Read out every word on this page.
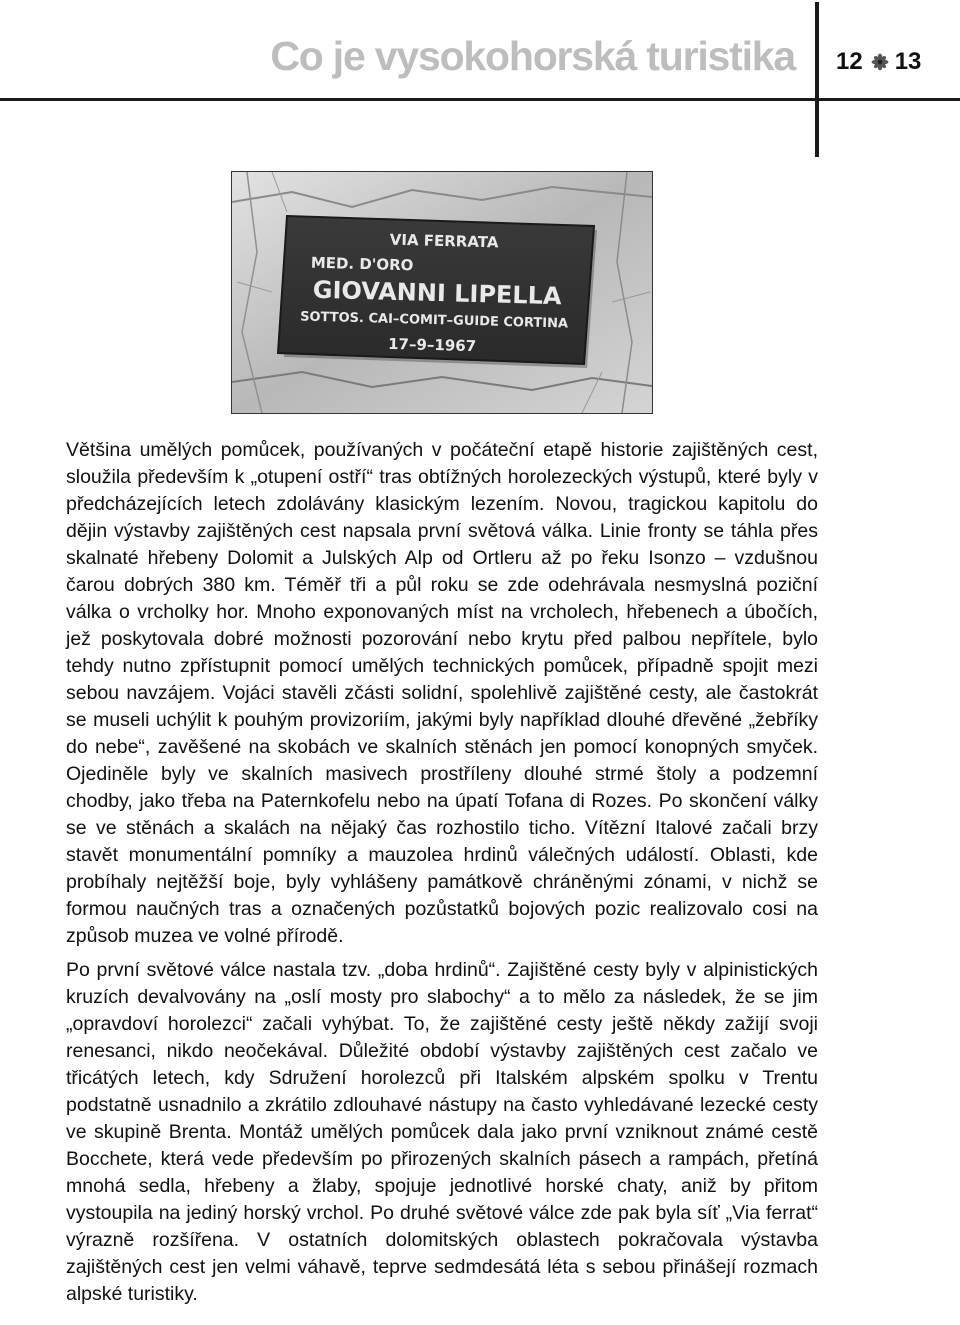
Co je vysokohorská turistika 12 13
VIA FERRATA
MED. D'ORO
GIOVANNI LIPELLA
SOTTOS. CAI–COMIT–GUIDE CORTINA
17–9–1967

Většina umělých pomůcek, používaných v počáteční etapě historie zajištěných cest, sloužila především k „otupení ostří“ tras obtížných horolezeckých výstupů, které byly v předcházejících letech zdolávány klasickým lezením. Novou, tragickou kapitolu do dějin výstavby zajištěných cest napsala první světová válka. Linie fronty se táhla přes skalnaté hřebeny Dolomit a Julských Alp od Ortleru až po řeku Isonzo – vzdušnou čarou dobrých 380 km. Téměř tři a půl roku se zde odehrávala nesmyslná poziční válka o vrcholky hor. Mnoho exponovaných míst na vrcholech, hřebenech a úbočích, jež poskytovala dobré možnosti pozorování nebo krytu před palbou nepřítele, bylo tehdy nutno zpřístupnit pomocí umělých technických pomůcek, případně spojit mezi sebou navzájem. Vojáci stavěli zčásti solidní, spolehlivě zajištěné cesty, ale častokrát se museli uchýlit k pouhým provizoriím, jakými byly například dlouhé dřevěné „žebříky do nebe“, zavěšené na skobách ve skalních stěnách jen pomocí konopných smyček. Ojediněle byly ve skalních masivech prostříleny dlouhé strmé štoly a podzemní chodby, jako třeba na Paternkofelu nebo na úpatí Tofana di Rozes. Po skončení války se ve stěnách a skalách na nějaký čas rozhostilo ticho. Vítězní Italové začali brzy stavět monumentální pomníky a mauzolea hrdinů válečných událostí. Oblasti, kde probíhaly nejtěžší boje, byly vyhlášeny památkově chráněnými zónami, v nichž se formou naučných tras a označených pozůstatků bojových pozic realizovalo cosi na způsob muzea ve volné přírodě.

Po první světové válce nastala tzv. „doba hrdinů“. Zajištěné cesty byly v alpinistických kruzích devalvovány na „oslí mosty pro slabochy“ a to mělo za následek, že se jim „opravdoví horolezci“ začali vyhýbat. To, že zajištěné cesty ještě někdy zažijí svoji renesanci, nikdo neočekával. Důležité období výstavby zajištěných cest začalo ve třicátých letech, kdy Sdružení horolezců při Italském alpském spolku v Trentu podstatně usnadnilo a zkrátilo zdlouhavé nástupy na často vyhledávané lezecké cesty ve skupině Brenta. Montáž umělých pomůcek dala jako první vzniknout známé cestě Bocchete, která vede především po přirozených skalních pásech a rampách, přetíná mnohá sedla, hřebeny a žlaby, spojuje jednotlivé horské chaty, aniž by přitom vystoupila na jediný horský vrchol. Po druhé světové válce zde pak byla síť „Via ferrat“ výrazně rozšířena. V ostatních dolomitských oblastech pokračovala výstavba zajištěných cest jen velmi váhavě, teprve sedmdesátá léta s sebou přinášejí rozmach alpské turistiky.
